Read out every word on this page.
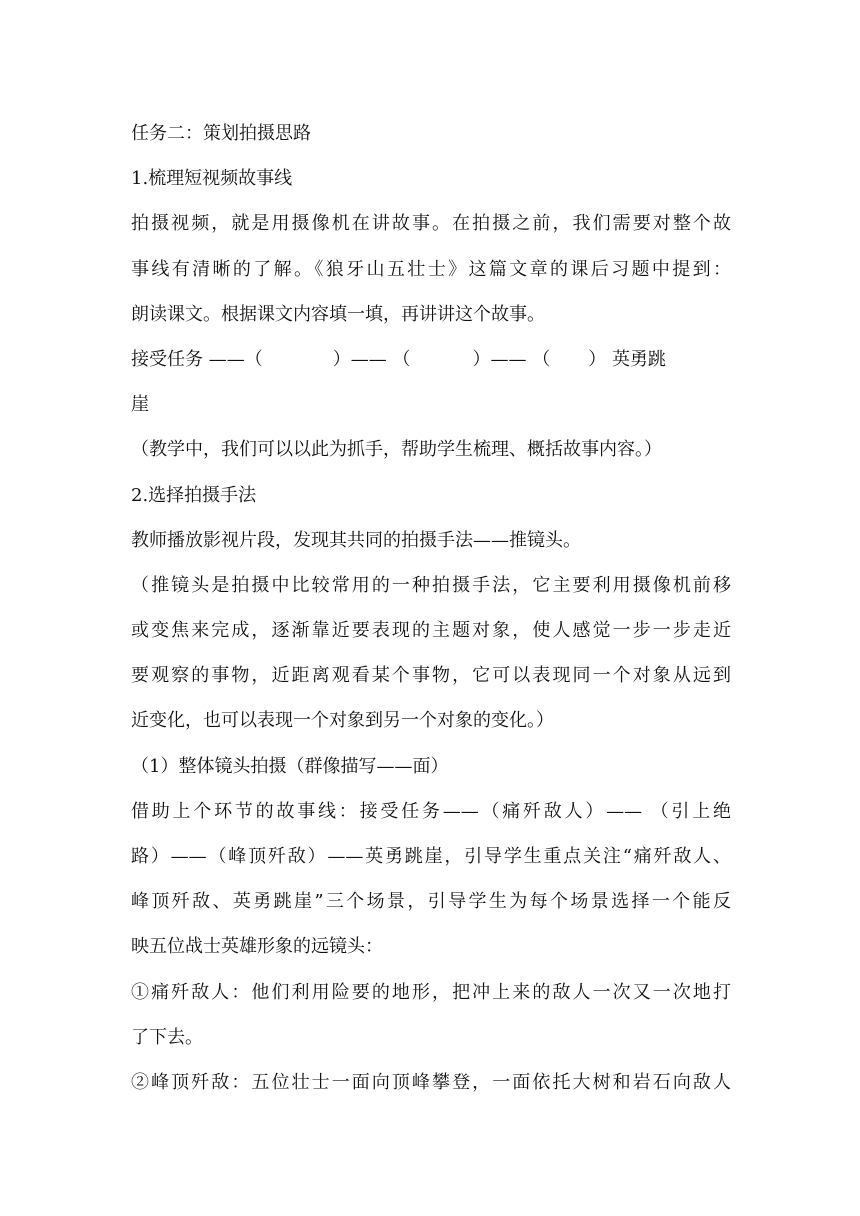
任务二：策划拍摄思路
1.梳理短视频故事线
拍摄视频，就是用摄像机在讲故事。在拍摄之前，我们需要对整个故
事线有清晰的了解。《狼牙山五壮士》这篇文章的课后习题中提到：
朗读课文。根据课文内容填一填，再讲讲这个故事。
接受任务 ——（	）—— （	）—— （ ） 英勇跳
崖
（教学中，我们可以以此为抓手，帮助学生梳理、概括故事内容。）
2.选择拍摄手法
教师播放影视片段，发现其共同的拍摄手法——推镜头。
（推镜头是拍摄中比较常用的一种拍摄手法，它主要利用摄像机前移
或变焦来完成，逐渐靠近要表现的主题对象，使人感觉一步一步走近
要观察的事物，近距离观看某个事物，它可以表现同一个对象从远到
近变化，也可以表现一个对象到另一个对象的变化。）
（1）整体镜头拍摄（群像描写——面）
借助上个环节的故事线：接受任务——（痛歼敌人）—— （引上绝
路）——（峰顶歼敌）——英勇跳崖，引导学生重点关注“痛歼敌人、
峰顶歼敌、英勇跳崖”三个场景，引导学生为每个场景选择一个能反
映五位战士英雄形象的远镜头：
①痛歼敌人：他们利用险要的地形，把冲上来的敌人一次又一次地打
了下去。
②峰顶歼敌：五位壮士一面向顶峰攀登，一面依托大树和岩石向敌人
